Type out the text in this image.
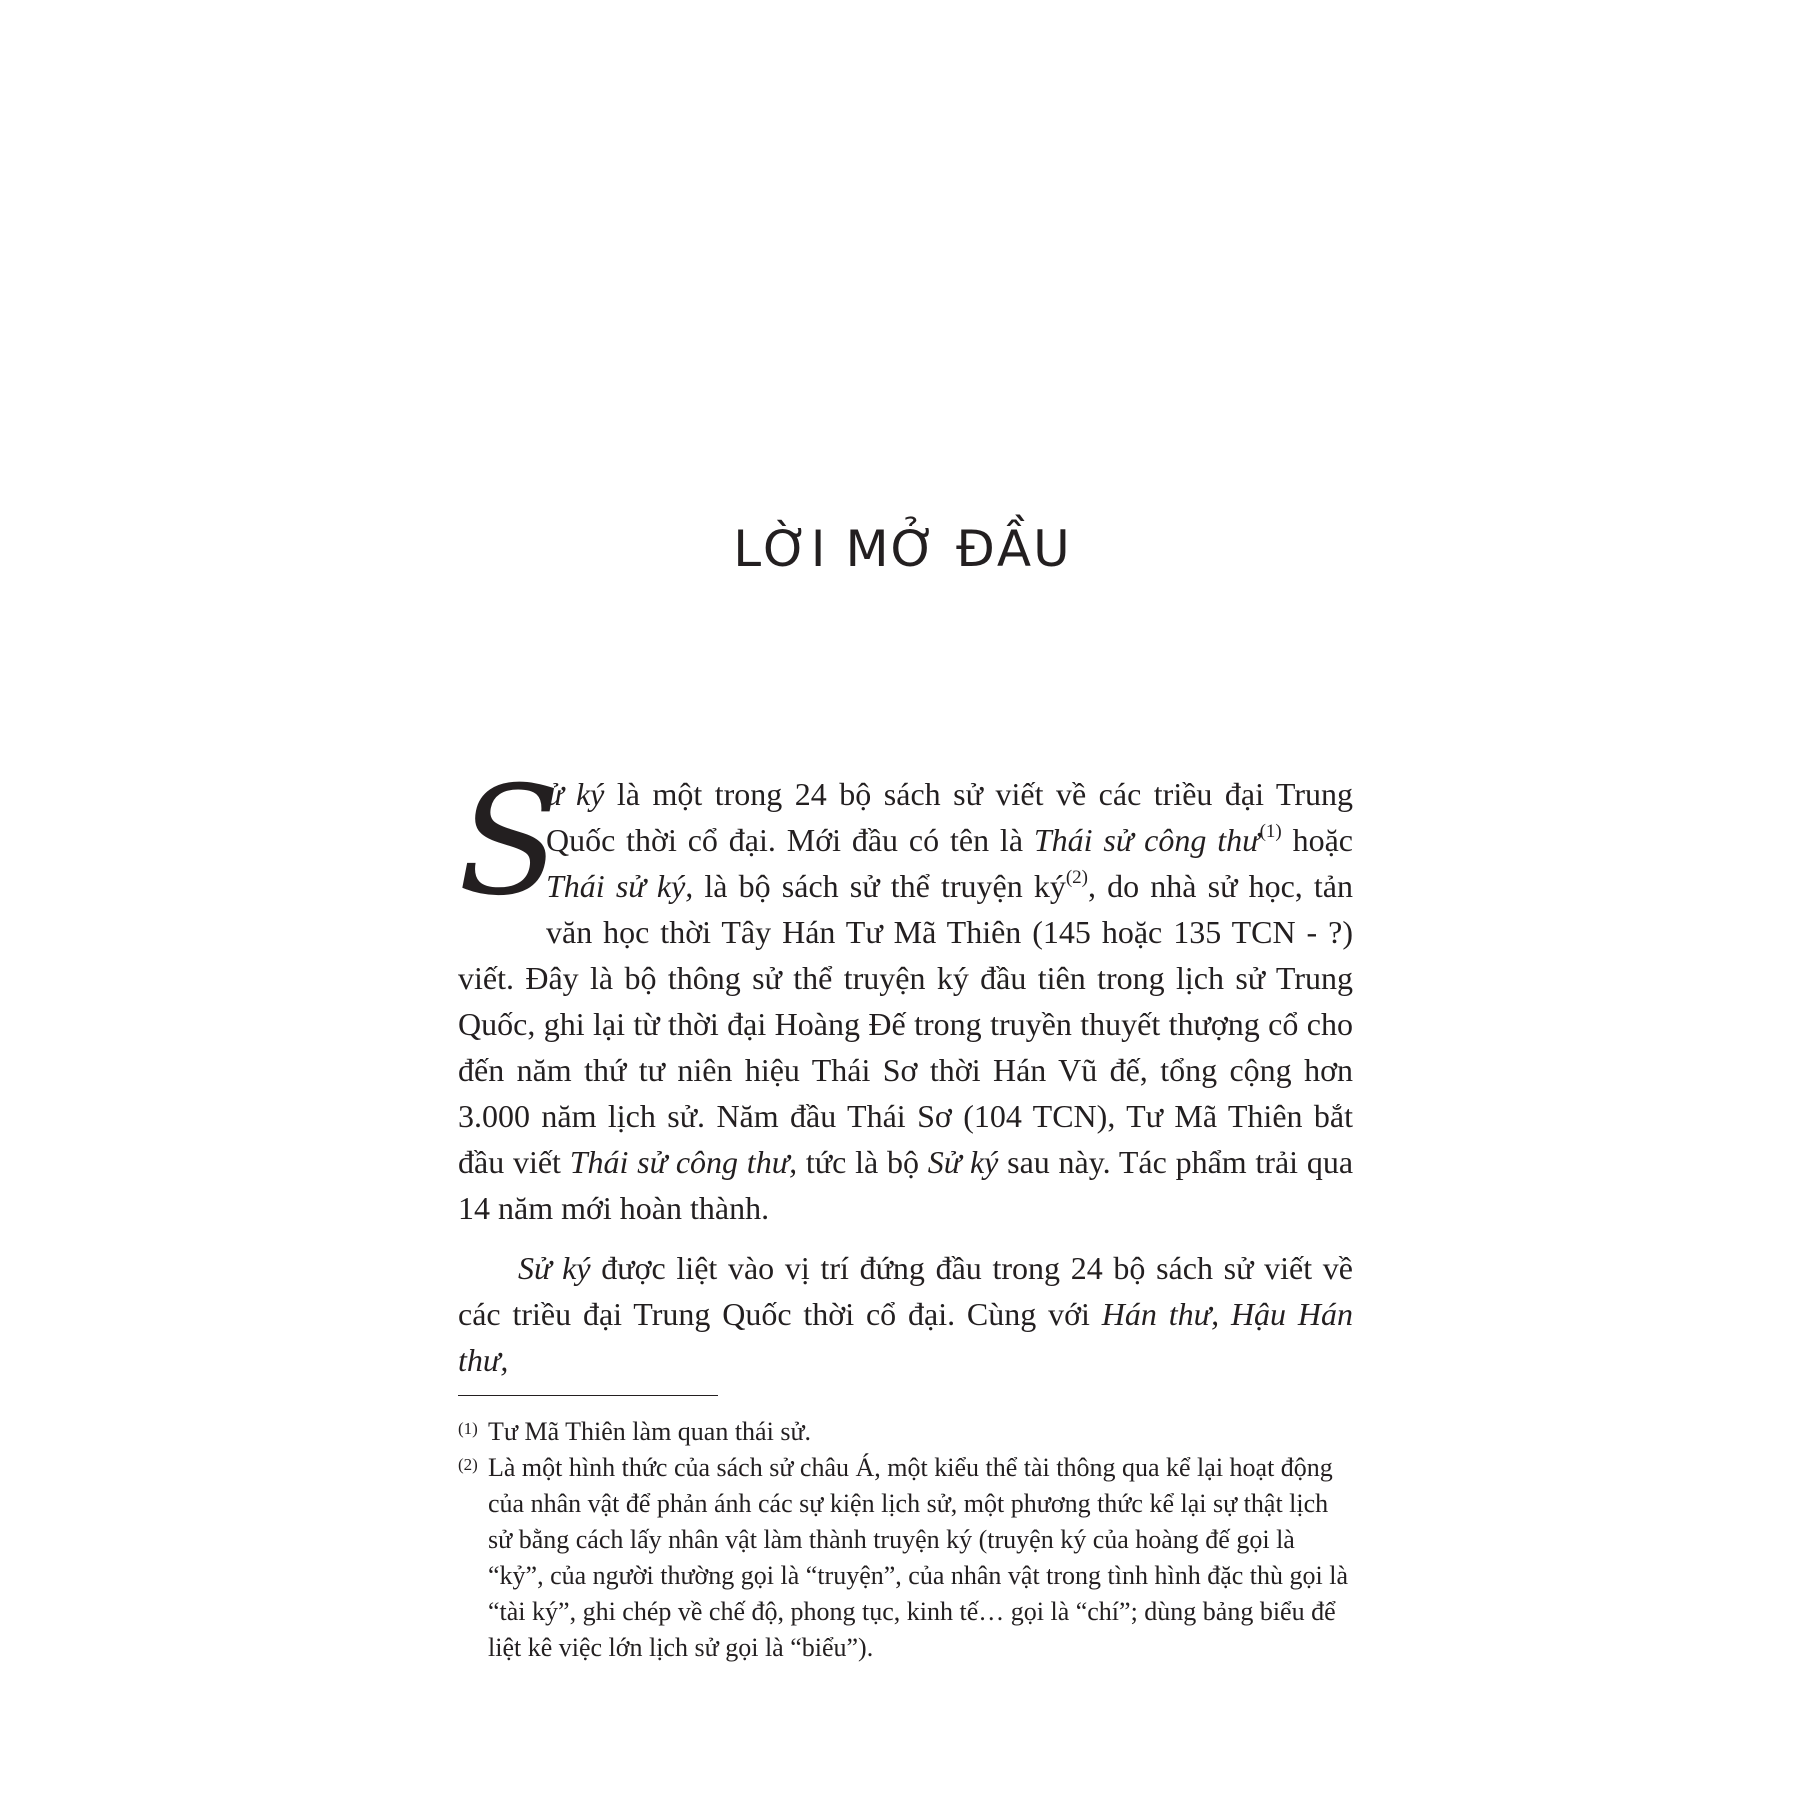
LỜI MỞ ĐẦU

S
ử ký là một trong 24 bộ sách sử viết về các triều đại Trung Quốc thời cổ đại. Mới đầu có tên là Thái sử công thư$^{(1)}$ hoặc Thái sử ký, là bộ sách sử thể truyện $ký^{(2)}$, do nhà sử học, tản văn học thời Tây Hán Tư Mã Thiên (145 hoặc 135 TCN - ?) viết. Đây là bộ thông sử thể truyện ký đầu tiên trong lịch sử Trung Quốc, ghi lại từ thời đại Hoàng Đế trong truyền thuyết thượng cổ cho đến năm thứ tư niên hiệu Thái Sơ thời Hán Vũ đế, tổng cộng hơn 3.000 năm lịch sử. Năm đầu Thái Sơ (104 TCN), Tư Mã Thiên bắt đầu viết Thái sử công thư, tức là bộ Sử ký sau này. Tác phẩm trải qua 14 năm mới hoàn thành.

Sử ký được liệt vào vị trí đứng đầu trong 24 bộ sách sử viết về các triều đại Trung Quốc thời cổ đại. Cùng với Hán thư, Hậu Hán thư,

(1) Tư Mã Thiên làm quan thái sử.

(2) Là một hình thức của sách sử châu Á, một kiểu thể tài thông qua kể lại hoạt động của nhân vật để phản ánh các sự kiện lịch sử, một phương thức kể lại sự thật lịch sử bằng cách lấy nhân vật làm thành truyện ký (truyện ký của hoàng đế gọi là “kỷ”, của người thường gọi là “truyện”, của nhân vật trong tình hình đặc thù gọi là “tài ký”, ghi chép về chế độ, phong tục, kinh tế… gọi là “chí”; dùng bảng biểu để liệt kê việc lớn lịch sử gọi là “biểu”).
